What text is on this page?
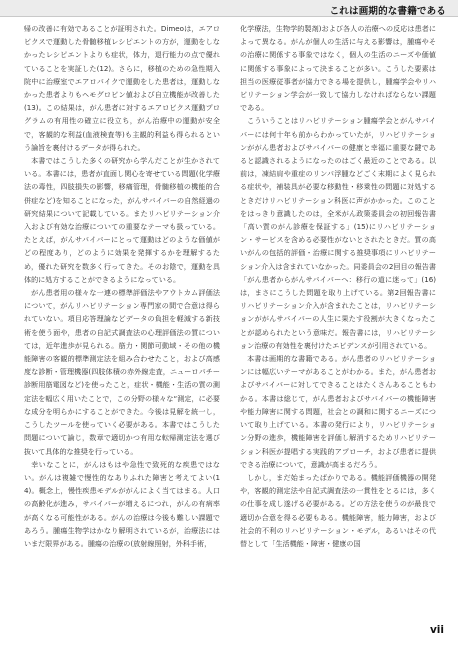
これは画期的な書籍である

帰の改善に有効であることが証明された。Dimeoは，エアロビクスで運動した骨髄移植レシピエントの方が，運動をしなかったレシピエントよりも症状，体力，退行能力の点で優れていることを実証した(12)。さらに，移植のための急性期入院中に治療室でエアロバイクで運動をした患者は，運動しなかった患者よりもヘモグロビン値および自立機能が改善した(13)。この結果は，がん患者に対するエアロビクス運動プログラムの有用性の確立に役立ち，がん治療中の運動が安全で，客観的な利益(血液検査等)も主観的利益も得られるという論旨を裏付けるデータが得られた。

本書ではこうした多くの研究から学んだことが生かされている。本書には，患者が直面し関心を寄せている問題(化学療法の毒性，四肢損失の影響，移痛管理，骨髄移植の機能的合併症など)を知ることになった，がんサバイバーの自然経過の研究結果について記載している。またリハビリテーション介入および有効な治療についての重要なテーマも扱っている。たとえば，がんサバイバーにとって運動はどのような価値がどの程度あり，どのように効果を発揮するかを理解するため，優れた研究を数多く行ってきた。そのお陰で，運動を具体的に処方することができるようになっている。

がん患者用の様々な一連の標準評価法やアウトカム評価法について，がんリハビリテーション専門家の間で合意は得られていない。項目応答理論などデータの負担を軽減する新技術を使う面や，患者の自記式調査法の心理評価法の質については，近年進歩が見られる。筋力・関節可動域・その他の機能障害の客観的標準測定法を組み合わせたこと，および高感度な診断・管理機器(四肢体積の赤外線走査，ニューロパチー診断用筋電図など)を使ったこと，症状・機能・生活の質の測定法を幅広く用いたことで，この分野の様々な“測定，に必要な成分を明らかにすることができた。今後は見解を統一し，こうしたツールを使っていく必要がある。本書ではこうした問題について論じ，数章で適切かつ有用な転帰測定法を選び抜いて具体的な推奨を行っている。

幸いなことに，がんはもはや急性で致死的な疾患ではない。がんは複雑で慢性的なありふれた障害と考えてよい(14)。概念上，慢性疾患モデルががんによく当てはまる。人口の高齢化が進み，サバイバーが増えるにつれ，がんの有病率が高くなる可能性がある。がんの治療は今後も難しい課題であろう。腫瘍生物学はかなり解明されているが，治療法にはいまだ限界がある。腫瘍の治療の(放射線照射，外科手術，

化学療法，生物学的製剤)および各人の治療への反応は患者によって異なる。がんが個人の生活に与える影響は，腫瘍やその治療に関係する事象ではなく，個人の生活のニーズや価値に関係する事象によって決まることが多い。こうした要素は担当の医療従事者が協力できる場を提供し，腫瘍学会やリハビリテーション学会が一致して協力しなければならない課題である。

こういうことはリハビリテーション腫瘍学会とがんサバイバーには何十年も前からわかっていたが，リハビリテーションががん患者およびサバイバーの健康と幸福に重要な鍵であると認識されるようになったのはごく最近のことである。以前は，凍結肩や重症のリンパ浮腫などごく末期によく見られる症状や，補装具が必要な移動性・移乗性の問題に対処するときだけリハビリテーション科医に声がかかった。このことをはっきり意識したのは，全米がん政策委員会の初回報告書「高い質のがん診療を保証する」(15)にリハビリテーション・サービスを含める必要性がないとされたときだ。質の高いがんの包括的評価・治療に関する推奨事項にリハビリテーション介入は含まれていなかった。同委員会の2回目の報告書「がん患者からがんサバイバーへ：移行の道に迷って」(16)は，まさにこうした問題を取り上げている。第2回報告書にリハビリテーション介入が含まれたことは，リハビリテーションががんサバイバーの人生に果たす役割が大きくなったことが認められたという意味だ。報告書には，リハビリテーション治療の有効性を裏付けたエビデンスが引用されている。

本書は画期的な書籍である。がん患者のリハビリテーションには幅広いテーマがあることがわかる。また，がん患者およびサバイバーに対してできることはたくさんあることもわかる。本書は総じて，がん患者およびサバイバーの機能障害や能力障害に関する問題，社会との調和に関するニーズについて取り上げている。本書の発行により，リハビリテーション分野の進歩，機能障害を評価し解消するためリハビリテーション科医が提唱する実践的アプローチ，および患者に提供できる治療について，意識が高まるだろう。

しかし，まだ始まったばかりである。機能評価機器の開発や，客観的測定法や自記式調査法の一貫性をとるには，多くの仕事を成し遂げる必要がある。どの方法を使うのが最良で適切か合意を得る必要もある。機能障害，能力障害，および社会的不利のリハビリテーション・モデル，あるいはその代替として「生活機能・障害・健康の国

vii
